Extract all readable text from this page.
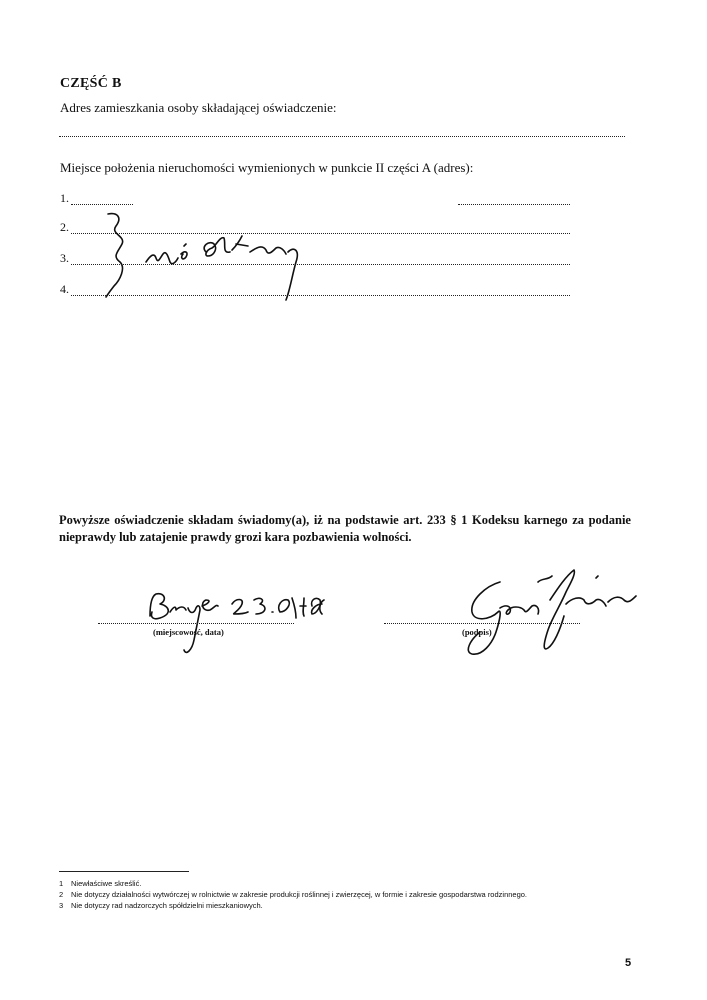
CZĘŚĆ B
Adres zamieszkania osoby składającej oświadczenie:
Miejsce położenia nieruchomości wymienionych w punkcie II części A (adres):
1.
2.
3.
4.
Powyższe oświadczenie składam świadomy(a), iż na podstawie art. 233 § 1 Kodeksu karnego za podanie nieprawdy lub zatajenie prawdy grozi kara pozbawienia wolności.
(miejscowość, data)	(podpis)
1 Niewłaściwe skreślić.
2 Nie dotyczy działalności wytwórczej w rolnictwie w zakresie produkcji roślinnej i zwierzęcej, w formie i zakresie gospodarstwa rodzinnego.
3 Nie dotyczy rad nadzorczych spółdzielni mieszkaniowych.
5
